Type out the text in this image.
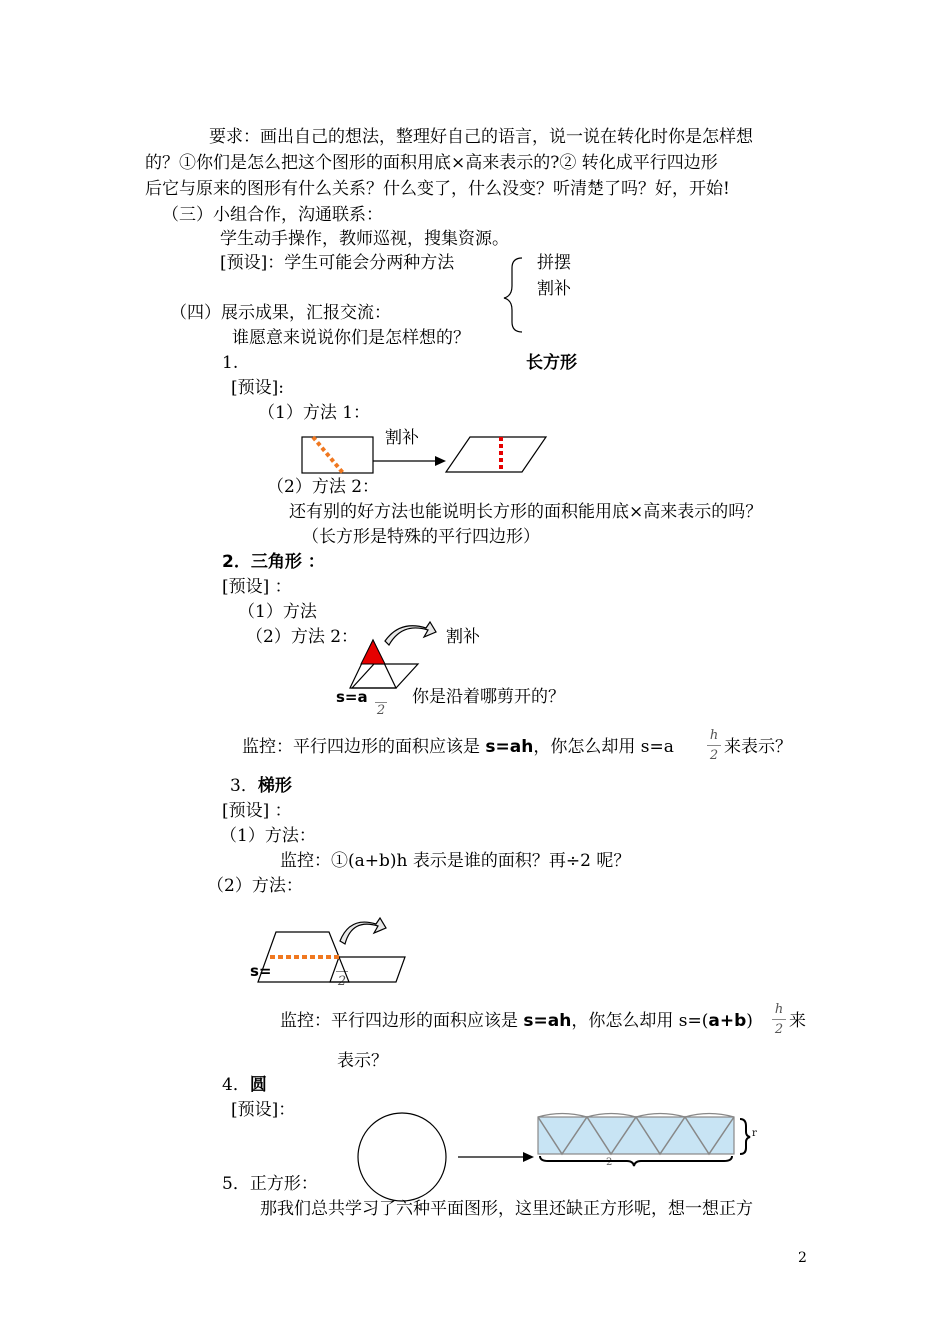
要求：画出自己的想法，整理好自己的语言，说一说在转化时你是怎样想
的？①你们是怎么把这个图形的面积用底×高来表示的?② 转化成平行四边形
后它与原来的图形有什么关系？什么变了，什么没变？听清楚了吗？好，开始!
（三）小组合作，沟通联系：
学生动手操作，教师巡视，搜集资源。
[预设]：学生可能会分两种方法	拼摆
割补
（四）展示成果，汇报交流：
谁愿意来说说你们是怎样想的？
1.	长方形
[预设]:
（1）方法 1：
割补
（2）方法 2：
还有别的好方法也能说明长方形的面积能用底×高来表示的吗？
（长方形是特殊的平行四边形）
2．三角形 ：
[预设] ：
（1）方法
（2）方法 2：	割补
s=a
2
你是沿着哪剪开的？
监控：平行四边形的面积应该是 s=ah，你怎么却用 s=a
h
2 来表示？
3．梯形
[预设] ：
（1）方法：
监控：①(a+b)h 表示是谁的面积？再÷2 呢？
（2）方法：
s=
2
监控：平行四边形的面积应该是 s=ah，你怎么却用 s=(a+b)
h
2 来
表示？
4．圆
[预设]：
r
2
5．正方形：
那我们总共学习了六种平面图形，这里还缺正方形呢，想一想正方
2
